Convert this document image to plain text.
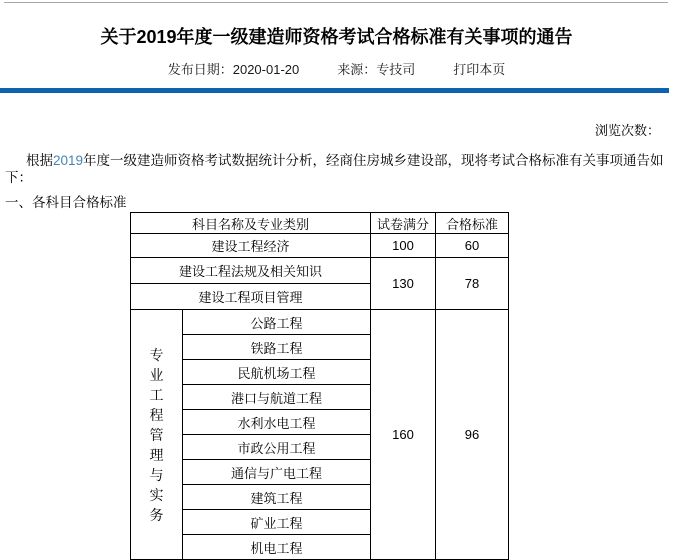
关于2019年度一级建造师资格考试合格标准有关事项的通告
发布日期：2020-01-20	来源：专技司	打印本页
浏览次数：

根据2019年度一级建造师资格考试数据统计分析，经商住房城乡建设部，现将考试合格标准有关事项通告如下：

一、各科目合格标准

科目名称及专业类别		试卷满分	合格标准
建设工程经济		100	60
建设工程法规及相关知识		130	78
建设工程项目管理			

专业工程管理与实务	公路工程	160	96
	铁路工程		
	民航机场工程		
	港口与航道工程		
	水利水电工程		
	市政公用工程		
	通信与广电工程		
	建筑工程		
	矿业工程		
	机电工程		
